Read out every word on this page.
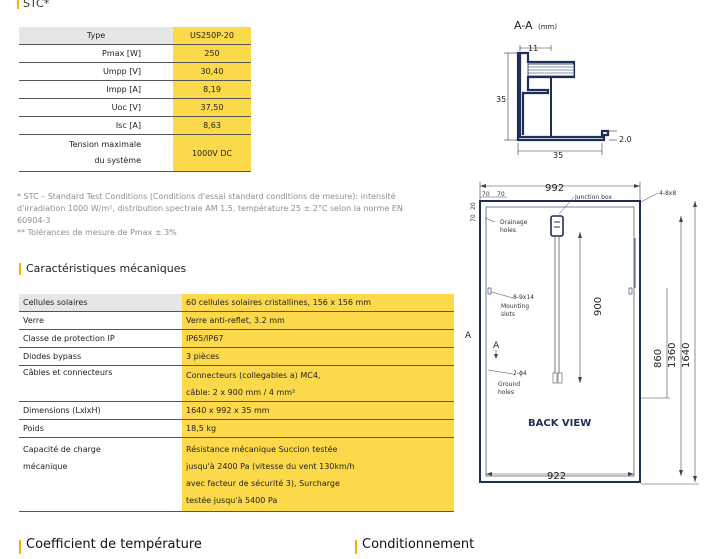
STC*
Type	US250P-20
Pmax [W]	250
Umpp [V]	30,40
Impp [A]	8,19
Uoc [V]	37,50
Isc [A]	8,63
Tension maximale
du système	1000V DC
* STC – Standard Test Conditions (Conditions d'essai standard conditions de mesure): intensité
d'irradiation 1000 W/m², distribution spectrale AM 1.5, température 25 ± 2°C selon la norme EN
60904-3
** Tolérances de mesure de Pmax ± 3%
Caractéristiques mécaniques
Cellules solaires	60 cellules solaires cristallines, 156 x 156 mm
Verre	Verre anti-reflet, 3.2 mm
Classe de protection IP	IP65/IP67
Diodes bypass	3 pièces
Câbles et connecteurs	Connecteurs (collegables a) MC4,
câble: 2 x 900 mm / 4 mm²
Dimensions (LxlxH)	1640 x 992 x 35 mm
Poids	18,5 kg
Capacité de charge
mécanique	Résistance mécanique Succion testée
jusqu'à 2400 Pa (vitesse du vent 130km/h
avec facteur de sécurité 3), Surcharge
testée jusqu'à 5400 Pa
Coefficient de température	Conditionnement
A-A (mm)
11
35
35
2.0
992
70 70	4-8x8
Junction box
70
20
900
Drainage
holes
8-9x14
Mounting
slots
A
A
2-ϕ4
Ground
holes
BACK VIEW
922
860 1360 1640
